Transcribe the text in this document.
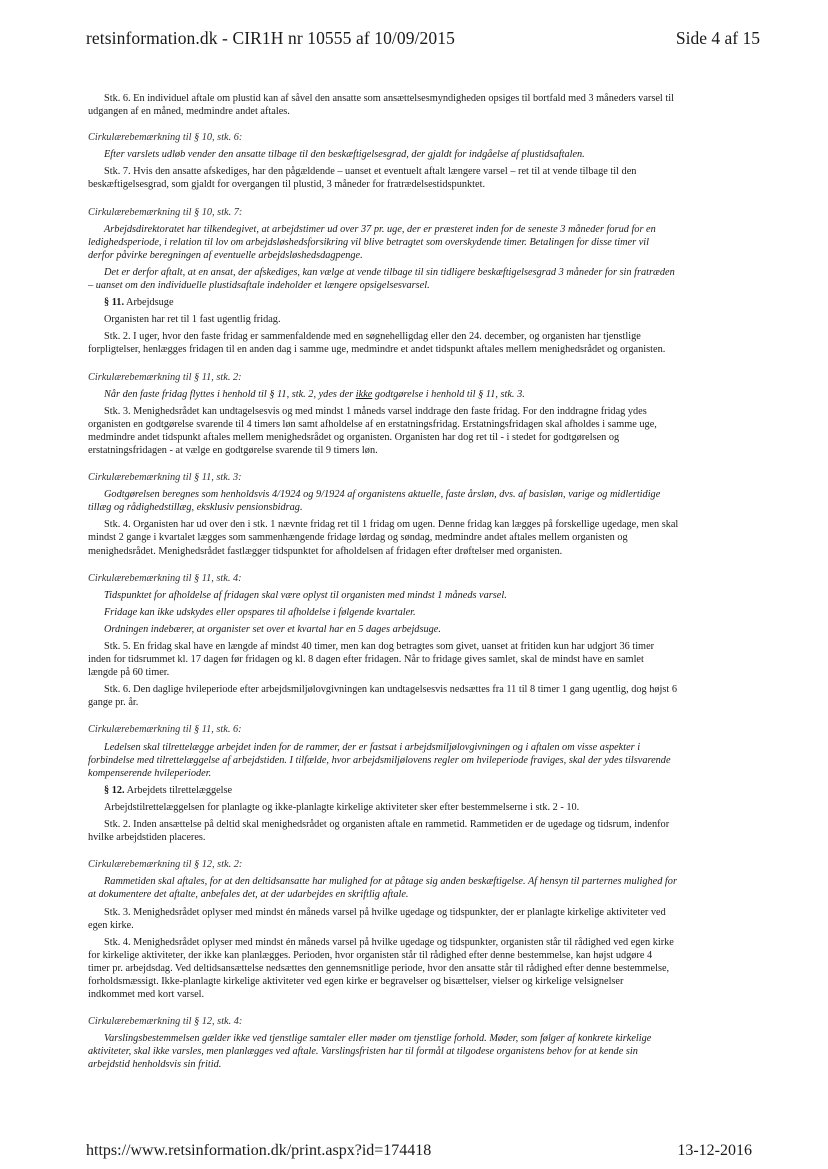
retsinformation.dk - CIR1H nr 10555 af 10/09/2015	Side 4 af 15

Stk. 6. En individuel aftale om plustid kan af såvel den ansatte som ansættelsesmyndigheden opsiges til bortfald med 3 måneders varsel til
udgangen af en måned, medmindre andet aftales.

Cirkulærebemærkning til § 10, stk. 6:

Efter varslets udløb vender den ansatte tilbage til den beskæftigelsesgrad, der gjaldt for indgåelse af plustidsaftalen.

Stk. 7. Hvis den ansatte afskediges, har den pågældende – uanset et eventuelt aftalt længere varsel – ret til at vende tilbage til den
beskæftigelsesgrad, som gjaldt for overgangen til plustid, 3 måneder for fratrædelsestidspunktet.

Cirkulærebemærkning til § 10, stk. 7:

Arbejdsdirektoratet har tilkendegivet, at arbejdstimer ud over 37 pr. uge, der er præsteret inden for de seneste 3 måneder forud for en
ledighedsperiode, i relation til lov om arbejdsløshedsforsikring vil blive betragtet som overskydende timer. Betalingen for disse timer vil
derfor påvirke beregningen af eventuelle arbejdsløshedsdagpenge.

Det er derfor aftalt, at en ansat, der afskediges, kan vælge at vende tilbage til sin tidligere beskæftigelsesgrad 3 måneder for sin fratræden
– uanset om den individuelle plustidsaftale indeholder et længere opsigelsesvarsel.

§ 11. Arbejdsuge

Organisten har ret til 1 fast ugentlig fridag.

Stk. 2. I uger, hvor den faste fridag er sammenfaldende med en søgnehelligdag eller den 24. december, og organisten har tjenstlige
forpligtelser, henlægges fridagen til en anden dag i samme uge, medmindre et andet tidspunkt aftales mellem menighedsrådet og organisten.

Cirkulærebemærkning til § 11, stk. 2:

Når den faste fridag flyttes i henhold til § 11, stk. 2, ydes der ikke godtgørelse i henhold til § 11, stk. 3.

Stk. 3. Menighedsrådet kan undtagelsesvis og med mindst 1 måneds varsel inddrage den faste fridag. For den inddragne fridag ydes
organisten en godtgørelse svarende til 4 timers løn samt afholdelse af en erstatningsfridag. Erstatningsfridagen skal afholdes i samme uge,
medmindre andet tidspunkt aftales mellem menighedsrådet og organisten. Organisten har dog ret til - i stedet for godtgørelsen og
erstatningsfridagen - at vælge en godtgørelse svarende til 9 timers løn.

Cirkulærebemærkning til § 11, stk. 3:

Godtgørelsen beregnes som henholdsvis 4/1924 og 9/1924 af organistens aktuelle, faste årsløn, dvs. af basisløn, varige og midlertidige
tillæg og rådighedstillæg, eksklusiv pensionsbidrag.

Stk. 4. Organisten har ud over den i stk. 1 nævnte fridag ret til 1 fridag om ugen. Denne fridag kan lægges på forskellige ugedage, men skal
mindst 2 gange i kvartalet lægges som sammenhængende fridage lørdag og søndag, medmindre andet aftales mellem organisten og
menighedsrådet. Menighedsrådet fastlægger tidspunktet for afholdelsen af fridagen efter drøftelser med organisten.

Cirkulærebemærkning til § 11, stk. 4:

Tidspunktet for afholdelse af fridagen skal være oplyst til organisten med mindst 1 måneds varsel.

Fridage kan ikke udskydes eller opspares til afholdelse i følgende kvartaler.

Ordningen indebærer, at organister set over et kvartal har en 5 dages arbejdsuge.

Stk. 5. En fridag skal have en længde af mindst 40 timer, men kan dog betragtes som givet, uanset at fritiden kun har udgjort 36 timer
inden for tidsrummet kl. 17 dagen før fridagen og kl. 8 dagen efter fridagen. Når to fridage gives samlet, skal de mindst have en samlet
længde på 60 timer.

Stk. 6. Den daglige hvileperiode efter arbejdsmiljølovgivningen kan undtagelsesvis nedsættes fra 11 til 8 timer 1 gang ugentlig, dog højst 6
gange pr. år.

Cirkulærebemærkning til § 11, stk. 6:

Ledelsen skal tilrettelægge arbejdet inden for de rammer, der er fastsat i arbejdsmiljølovgivningen og i aftalen om visse aspekter i
forbindelse med tilrettelæggelse af arbejdstiden. I tilfælde, hvor arbejdsmiljølovens regler om hvileperiode fraviges, skal der ydes tilsvarende
kompenserende hvileperioder.

§ 12. Arbejdets tilrettelæggelse

Arbejdstilrettelæggelsen for planlagte og ikke-planlagte kirkelige aktiviteter sker efter bestemmelserne i stk. 2 - 10.

Stk. 2. Inden ansættelse på deltid skal menighedsrådet og organisten aftale en rammetid. Rammetiden er de ugedage og tidsrum, indenfor
hvilke arbejdstiden placeres.

Cirkulærebemærkning til § 12, stk. 2:

Rammetiden skal aftales, for at den deltidsansatte har mulighed for at påtage sig anden beskæftigelse. Af hensyn til parternes mulighed for
at dokumentere det aftalte, anbefales det, at der udarbejdes en skriftlig aftale.

Stk. 3. Menighedsrådet oplyser med mindst én måneds varsel på hvilke ugedage og tidspunkter, der er planlagte kirkelige aktiviteter ved
egen kirke.

Stk. 4. Menighedsrådet oplyser med mindst én måneds varsel på hvilke ugedage og tidspunkter, organisten står til rådighed ved egen kirke
for kirkelige aktiviteter, der ikke kan planlægges. Perioden, hvor organisten står til rådighed efter denne bestemmelse, kan højst udgøre 4
timer pr. arbejdsdag. Ved deltidsansættelse nedsættes den gennemsnitlige periode, hvor den ansatte står til rådighed efter denne bestemmelse,
forholdsmæssigt. Ikke-planlagte kirkelige aktiviteter ved egen kirke er begravelser og bisættelser, vielser og kirkelige velsignelser
indkommet med kort varsel.

Cirkulærebemærkning til § 12, stk. 4:

Varslingsbestemmelsen gælder ikke ved tjenstlige samtaler eller møder om tjenstlige forhold. Møder, som følger af konkrete kirkelige
aktiviteter, skal ikke varsles, men planlægges ved aftale. Varslingsfristen har til formål at tilgodese organistens behov for at kende sin
arbejdstid henholdsvis sin fritid.

https://www.retsinformation.dk/print.aspx?id=174418	13-12-2016
